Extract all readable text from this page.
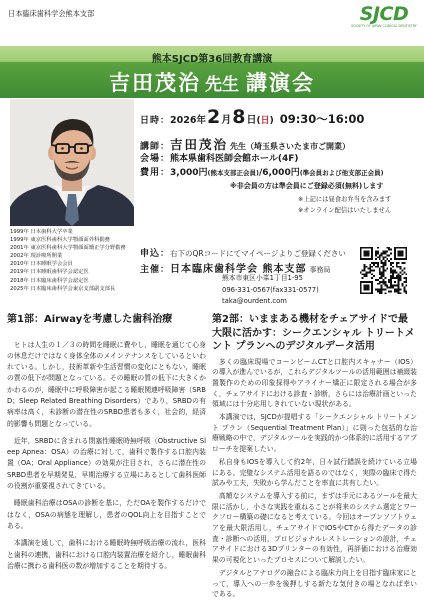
日本臨床歯科学会熊本支部	SJCD
SOCIETY OF JAPAN CLINICAL DENTISTRY
熊本SJCD第36回教育講演
吉田茂治 先生 講演会
日時： 2026年 2 月 8 日 ( 日 ) 09:30〜16:00
講師： 吉田茂治 先生（埼玉県さいたま市ご開業）
会場： 熊本県歯科医師会館ホール(4F)
費用： 3,000円 (熊本支部正会員) / 6,000円 (準会員および他支部正会員)
※非会員の方は準会員にご登録必須(無料)します
※上記には昼食お弁当を含みます
※オンライン配信はいたしません
1999年 日本歯科大学卒業
1999年 東京医科歯科大学顎顔面外科勤務
2001年 東京医科歯科大学顎顔面矯正学分野勤務
2002年 現診療所開業
2010年 日本睡眠学会会員
2019年 日本睡眠歯科学会認定医
2018年 日本臨床歯科学会認定医
2025年 日本臨床歯科学会東京支部副支部長
申込： 右下のQRコードにてマイページよりご登録ください
主催： 日本臨床歯科学会 熊本支部 事務局
熊本市東区小峯1丁目1-95
096-331-0567(fax331-0577)
taka@ourdent.com
第1部：Airwayを考慮した歯科治療

ヒトは人生の１／３の時間を睡眠に費やし，睡眠を通じて心身の休息だけではなく身体全体のメインテナンスをしているといわれている。しかし，技術革新や生活習慣の変化にともない，睡眠の質の低下が問題となっている。その睡眠の質の低下に大きくかかわるのが，睡眠中に呼吸障害が起こる睡眠関連呼吸障害（SRBD；Sleep Related Breathing Disorders）であり，SRBDの有病率は高く，未診断の潜在性のSRBD患者も多く，社会的，経済的影響も問題となっている。

近年，SRBDに含まれる閉塞性睡眠時無呼吸（Obstructive Sleep Apnea：OSA）の治療に対して，歯科で製作する口腔内装置（OA；Oral Appliance）の効果が注目され，さらに潜在性のSRBD患者を早期発見，早期治療する立場にあるとして歯科医師の役割が重要視されてきている。

睡眠歯科治療はOSAの診断を基に，ただOAを製作するだけではなく，OSAの病態を理解し，患者のQOL向上を目指すことである。

本講演を通して，歯科における睡眠時無呼吸治療の流れ，医科と歯科の連携，歯科における口腔内装置治療を紹介し，睡眠歯科治療に携わる歯科医の数が増加することを期待する。

第2部：いままある機材をチェアサイドで最大限に活かす：シークエンシャル トリートメント プランへのデジタルデータ活用

多くの臨床現場でコーンビームCTと口腔内スキャナー（IOS）の導入が進んでいるが，これらデジタルツールの活用範囲は補綴装置製作のための印象採得やアライナー矯正に限定される場合が多く，チェアサイドにおける診査・診断，さらには治療計画といった領域には十分応用しきれていない現状がある。

本講演では，SJCDが提唱する「シークエンシャル トリートメント プラン（Sequential Treatment Plan）」に則った包括的な治療戦略の中で，デジタルツールを実践的かつ体系的に活用するアプローチを提案したい。

私自身もIOSを導入して約2年，日々試行錯誤を続けている立場にある。完璧なシステム活用を語るのではなく，実際の臨床で得た試みや工夫，失敗から学んだことを率直に共有したい。

高額なシステムを導入する前に，まずは手元にあるツールを最大限に活かし，小さな実践を重ねることが将来のシステム選定とワークフロー構築の礎になると考えている。今回はオープンソフトウェアを最大限活用し，チェアサイドでIOSやCTから得たデータの診査・診断への活用，プロビジョナルレストレーションの設計，チェアサイドにおける3Dプリンターの有効性，再評価における治療効果の可視化といったプロセスについて解説したい。

デジタルとアナログの融合による臨床力向上を目指す臨床家にとって，導入への一歩を後押しする新たな気付きの場となれば幸いである。
